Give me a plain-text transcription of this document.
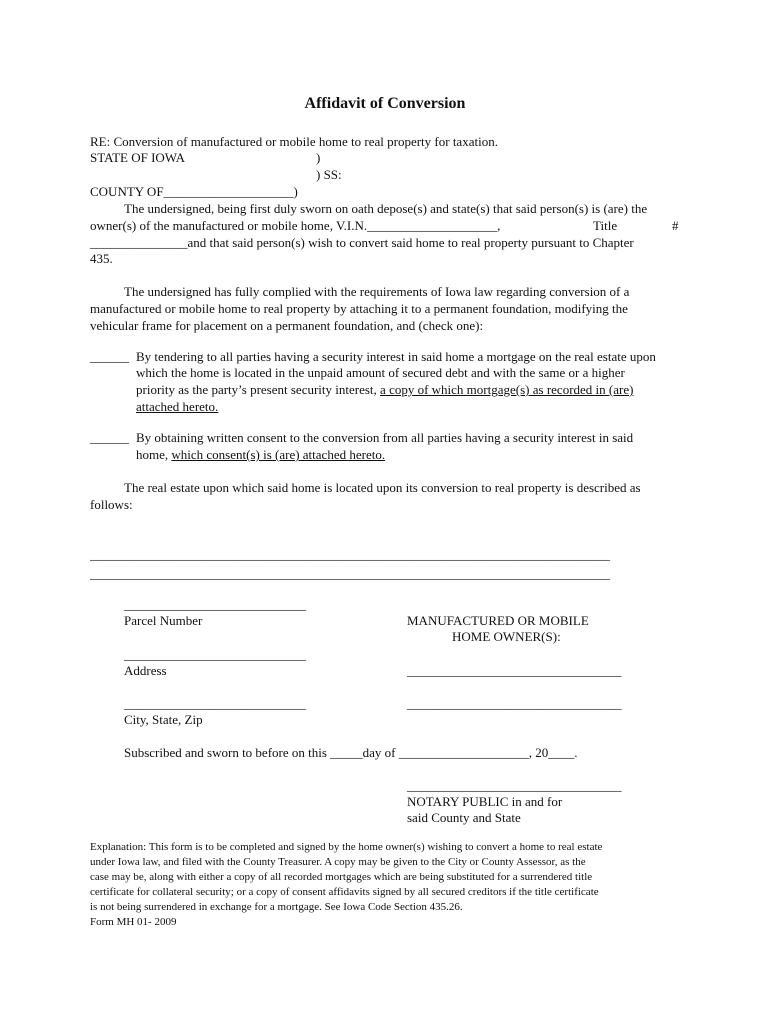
Affidavit of Conversion
RE: Conversion of manufactured or mobile home to real property for taxation.
STATE OF IOWA	)
) SS:
COUNTY OF____________________)
The undersigned, being first duly sworn on oath depose(s) and state(s) that said person(s) is (are) the
owner(s) of the manufactured or mobile home, V.I.N.____________________,	Title	#
_______________and that said person(s) wish to convert said home to real property pursuant to Chapter
435.
The undersigned has fully complied with the requirements of Iowa law regarding conversion of a
manufactured or mobile home to real property by attaching it to a permanent foundation, modifying the
vehicular frame for placement on a permanent foundation, and (check one):
______ By tendering to all parties having a security interest in said home a mortgage on the real estate upon
which the home is located in the unpaid amount of secured debt and with the same or a higher
priority as the party’s present security interest, a copy of which mortgage(s) as recorded in (are)
attached hereto.
______ By obtaining written consent to the conversion from all parties having a security interest in said
home, which consent(s) is (are) attached hereto.
The real estate upon which said home is located upon its conversion to real property is described as
follows:
________________________________________________________________________________
________________________________________________________________________________
____________________________
Parcel Number
____________________________
Address
____________________________
City, State, Zip
MANUFACTURED OR MOBILE
HOME OWNER(S):
_________________________________
_________________________________
Subscribed and sworn to before on this _____day of ____________________, 20____.
_________________________________
NOTARY PUBLIC in and for
said County and State
Explanation: This form is to be completed and signed by the home owner(s) wishing to convert a home to real estate
under Iowa law, and filed with the County Treasurer. A copy may be given to the City or County Assessor, as the
case may be, along with either a copy of all recorded mortgages which are being substituted for a surrendered title
certificate for collateral security; or a copy of consent affidavits signed by all secured creditors if the title certificate
is not being surrendered in exchange for a mortgage. See Iowa Code Section 435.26.
Form MH 01- 2009
